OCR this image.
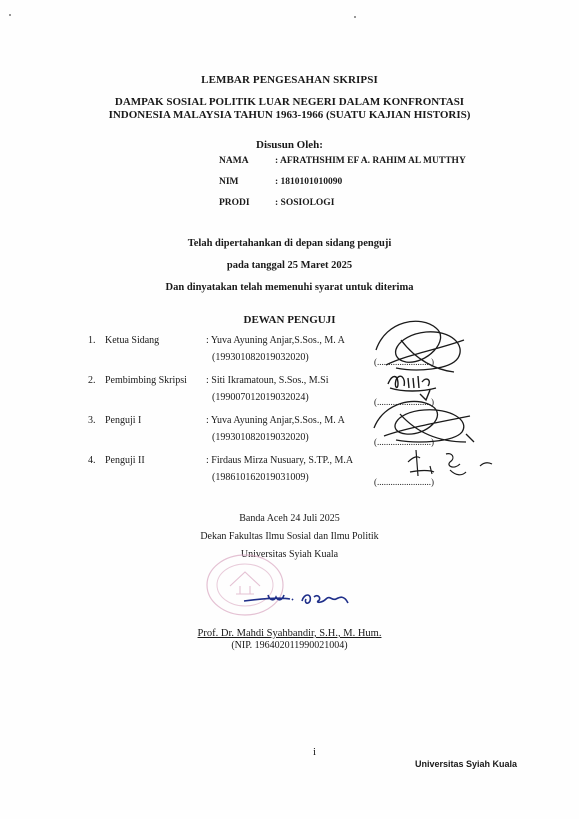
LEMBAR PENGESAHAN SKRIPSI
DAMPAK SOSIAL POLITIK LUAR NEGERI DALAM KONFRONTASI
INDONESIA MALAYSIA TAHUN 1963-1966 (SUATU KAJIAN HISTORIS)
Disusun Oleh:
NAMA	: AFRATHSHIM EF A. RAHIM AL MUTTHY
NIM	: 1810101010090
PRODI	: SOSIOLOGI
Telah dipertahankan di depan sidang penguji
pada tanggal 25 Maret 2025
Dan dinyatakan telah memenuhi syarat untuk diterima
DEWAN PENGUJI
1. Ketua Sidang	: Yuva Ayuning Anjar,S.Sos., M. A
(199301082019032020)	(........................)
2. Pembimbing Skripsi : Siti Ikramatoun, S.Sos., M.Si
(199007012019032024)	(........................)
3. Penguji I	: Yuva Ayuning Anjar,S.Sos., M. A
(199301082019032020)	(........................)
4. Penguji II	: Firdaus Mirza Nusuary, S.TP., M.A
(198610162019031009)	(........................)
Banda Aceh 24 Juli 2025
Dekan Fakultas Ilmu Sosial dan Ilmu Politik
Universitas Syiah Kuala
Prof. Dr. Mahdi Syahbandir, S.H., M. Hum.
(NIP. 196402011990021004)
i
Universitas Syiah Kuala
